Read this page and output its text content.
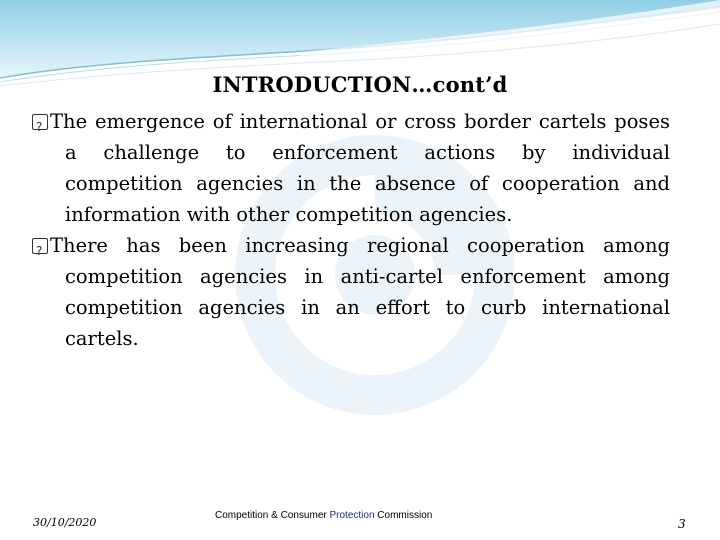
INTRODUCTION…cont’d

?The emergence of international or cross border cartels poses a challenge to enforcement actions by individual competition agencies in the absence of cooperation and information with other competition agencies.

?There has been increasing regional cooperation among competition agencies in anti-cartel enforcement among competition agencies in an effort to curb international cartels.

30/10/2020
Competition & Consumer Protection Commission
3
